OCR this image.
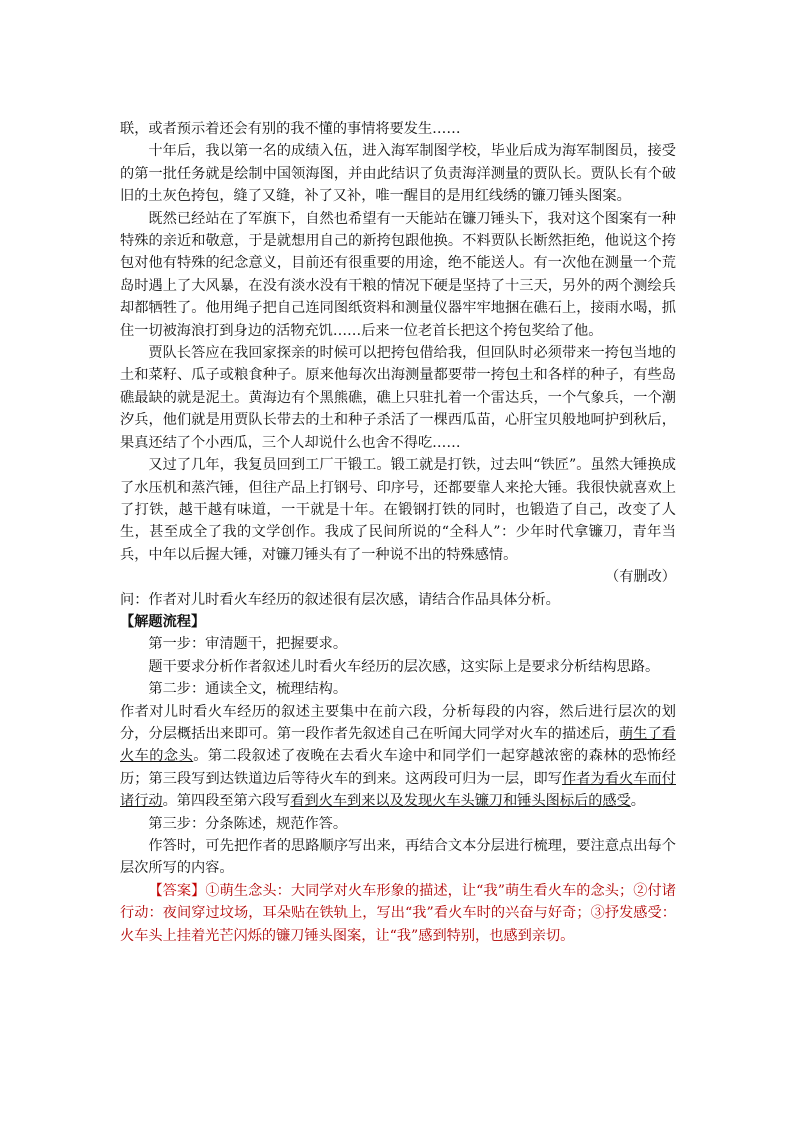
联，或者预示着还会有别的我不懂的事情将要发生……

十年后，我以第一名的成绩入伍，进入海军制图学校，毕业后成为海军制图员，接受的第一批任务就是绘制中国领海图，并由此结识了负责海洋测量的贾队长。贾队长有个破旧的土灰色挎包，缝了又缝，补了又补，唯一醒目的是用红线绣的镰刀锤头图案。

既然已经站在了军旗下，自然也希望有一天能站在镰刀锤头下，我对这个图案有一种特殊的亲近和敬意，于是就想用自己的新挎包跟他换。不料贾队长断然拒绝，他说这个挎包对他有特殊的纪念意义，目前还有很重要的用途，绝不能送人。有一次他在测量一个荒岛时遇上了大风暴，在没有淡水没有干粮的情况下硬是坚持了十三天，另外的两个测绘兵却都牺牲了。他用绳子把自己连同图纸资料和测量仪器牢牢地捆在礁石上，接雨水喝，抓住一切被海浪打到身边的活物充饥……后来一位老首长把这个挎包奖给了他。

贾队长答应在我回家探亲的时候可以把挎包借给我，但回队时必须带来一挎包当地的土和菜籽、瓜子或粮食种子。原来他每次出海测量都要带一挎包土和各样的种子，有些岛礁最缺的就是泥土。黄海边有个黑熊礁，礁上只驻扎着一个雷达兵，一个气象兵，一个潮汐兵，他们就是用贾队长带去的土和种子杀活了一棵西瓜苗，心肝宝贝般地呵护到秋后，果真还结了个小西瓜，三个人却说什么也舍不得吃……

又过了几年，我复员回到工厂干锻工。锻工就是打铁，过去叫“铁匠”。虽然大锤换成了水压机和蒸汽锤，但往产品上打钢号、印序号，还都要靠人来抡大锤。我很快就喜欢上了打铁，越干越有味道，一干就是十年。在锻钢打铁的同时，也锻造了自己，改变了人生，甚至成全了我的文学创作。我成了民间所说的“全科人”：少年时代拿镰刀，青年当兵，中年以后握大锤，对镰刀锤头有了一种说不出的特殊感情。

（有删改）

问：作者对儿时看火车经历的叙述很有层次感，请结合作品具体分析。

【解题流程】

第一步：审清题干，把握要求。

题干要求分析作者叙述儿时看火车经历的层次感，这实际上是要求分析结构思路。

第二步：通读全文，梳理结构。

作者对儿时看火车经历的叙述主要集中在前六段，分析每段的内容，然后进行层次的划分，分层概括出来即可。第一段作者先叙述自己在听闻大同学对火车的描述后，萌生了看火车的念头。第二段叙述了夜晚在去看火车途中和同学们一起穿越浓密的森林的恐怖经历；第三段写到达铁道边后等待火车的到来。这两段可归为一层，即写作者为看火车而付诸行动。第四段至第六段写看到火车到来以及发现火车头镰刀和锤头图标后的感受。

第三步：分条陈述，规范作答。

作答时，可先把作者的思路顺序写出来，再结合文本分层进行梳理，要注意点出每个层次所写的内容。

【答案】①萌生念头：大同学对火车形象的描述，让“我”萌生看火车的念头；②付诸行动：夜间穿过坟场，耳朵贴在铁轨上，写出“我”看火车时的兴奋与好奇；③抒发感受：火车头上挂着光芒闪烁的镰刀锤头图案，让“我”感到特别，也感到亲切。
